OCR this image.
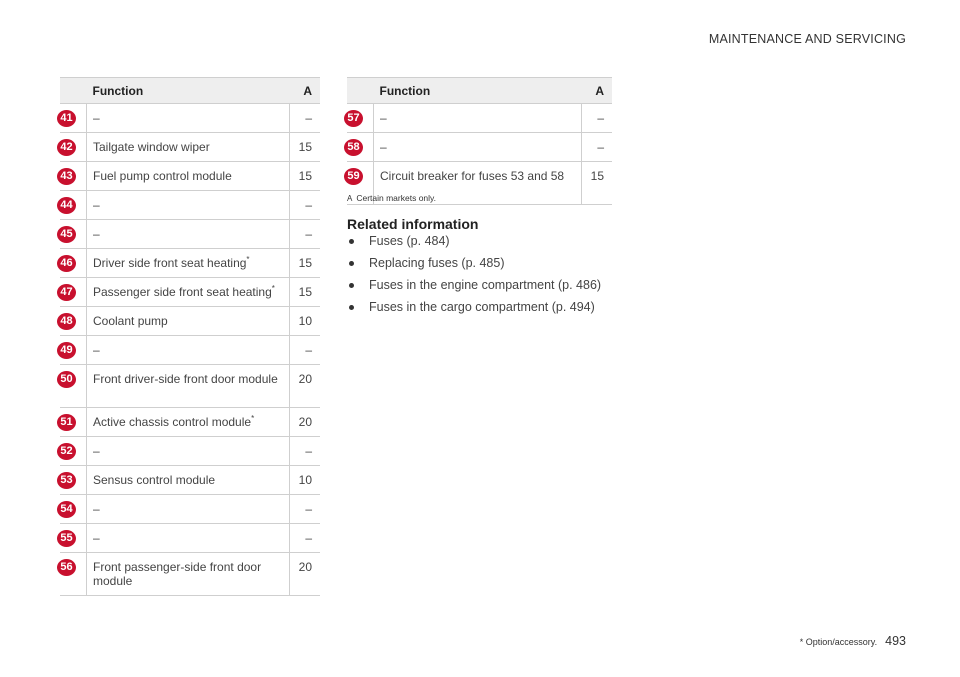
MAINTENANCE AND SERVICING
	Function	A
41	–	–
42	Tailgate window wiper	15
43	Fuel pump control module	15
44	–	–
45	–	–
46	Driver side front seat heating*	15
47	Passenger side front seat heating*	15
48	Coolant pump	10
49	–	–
50	Front driver-side front door module	20
51	Active chassis control module*	20
52	–	–
53	Sensus control module	10
54	–	–
55	–	–
56	Front passenger-side front door module	20
	Function	A
57	–	–
58	–	–
59	Circuit breaker for fuses 53 and 58	15
A Certain markets only.
Related information
Fuses (p. 484)
Replacing fuses (p. 485)
Fuses in the engine compartment (p. 486)
Fuses in the cargo compartment (p. 494)
* Option/accessory. 493
